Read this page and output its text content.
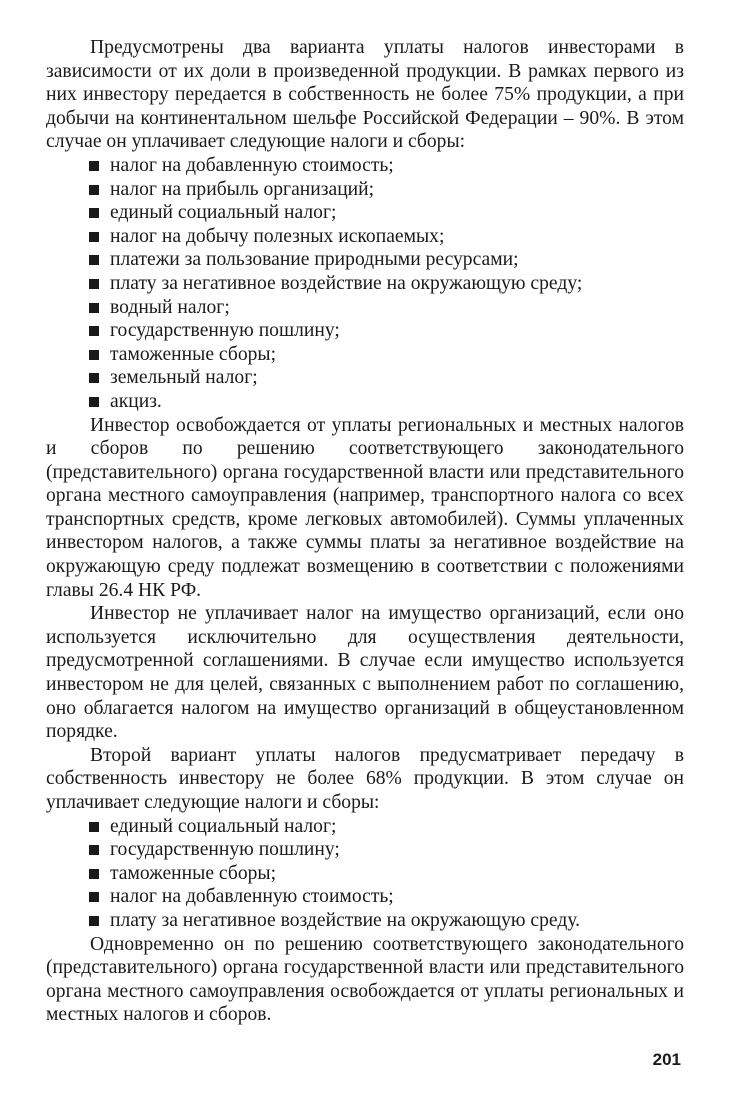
Предусмотрены два варианта уплаты налогов инвесторами в зависимости от их доли в произведенной продукции. В рамках первого из них инвестору передается в собственность не более 75% продукции, а при добычи на континентальном шельфе Российской Федерации – 90%. В этом случае он уплачивает следующие налоги и сборы:

налог на добавленную стоимость;
налог на прибыль организаций;
единый социальный налог;
налог на добычу полезных ископаемых;
платежи за пользование природными ресурсами;
плату за негативное воздействие на окружающую среду;
водный налог;
государственную пошлину;
таможенные сборы;
земельный налог;
акциз.

Инвестор освобождается от уплаты региональных и местных налогов и сборов по решению соответствующего законодательного (представительного) органа государственной власти или представительного органа местного самоуправления (например, транспортного налога со всех транспортных средств, кроме легковых автомобилей). Суммы уплаченных инвестором налогов, а также суммы платы за негативное воздействие на окружающую среду подлежат возмещению в соответствии с положениями главы 26.4 НК РФ.

Инвестор не уплачивает налог на имущество организаций, если оно используется исключительно для осуществления деятельности, предусмотренной соглашениями. В случае если имущество используется инвестором не для целей, связанных с выполнением работ по соглашению, оно облагается налогом на имущество организаций в общеустановленном порядке.

Второй вариант уплаты налогов предусматривает передачу в собственность инвестору не более 68% продукции. В этом случае он уплачивает следующие налоги и сборы:

единый социальный налог;
государственную пошлину;
таможенные сборы;
налог на добавленную стоимость;
плату за негативное воздействие на окружающую среду.

Одновременно он по решению соответствующего законодательного (представительного) органа государственной власти или представительного органа местного самоуправления освобождается от уплаты региональных и местных налогов и сборов.

201
